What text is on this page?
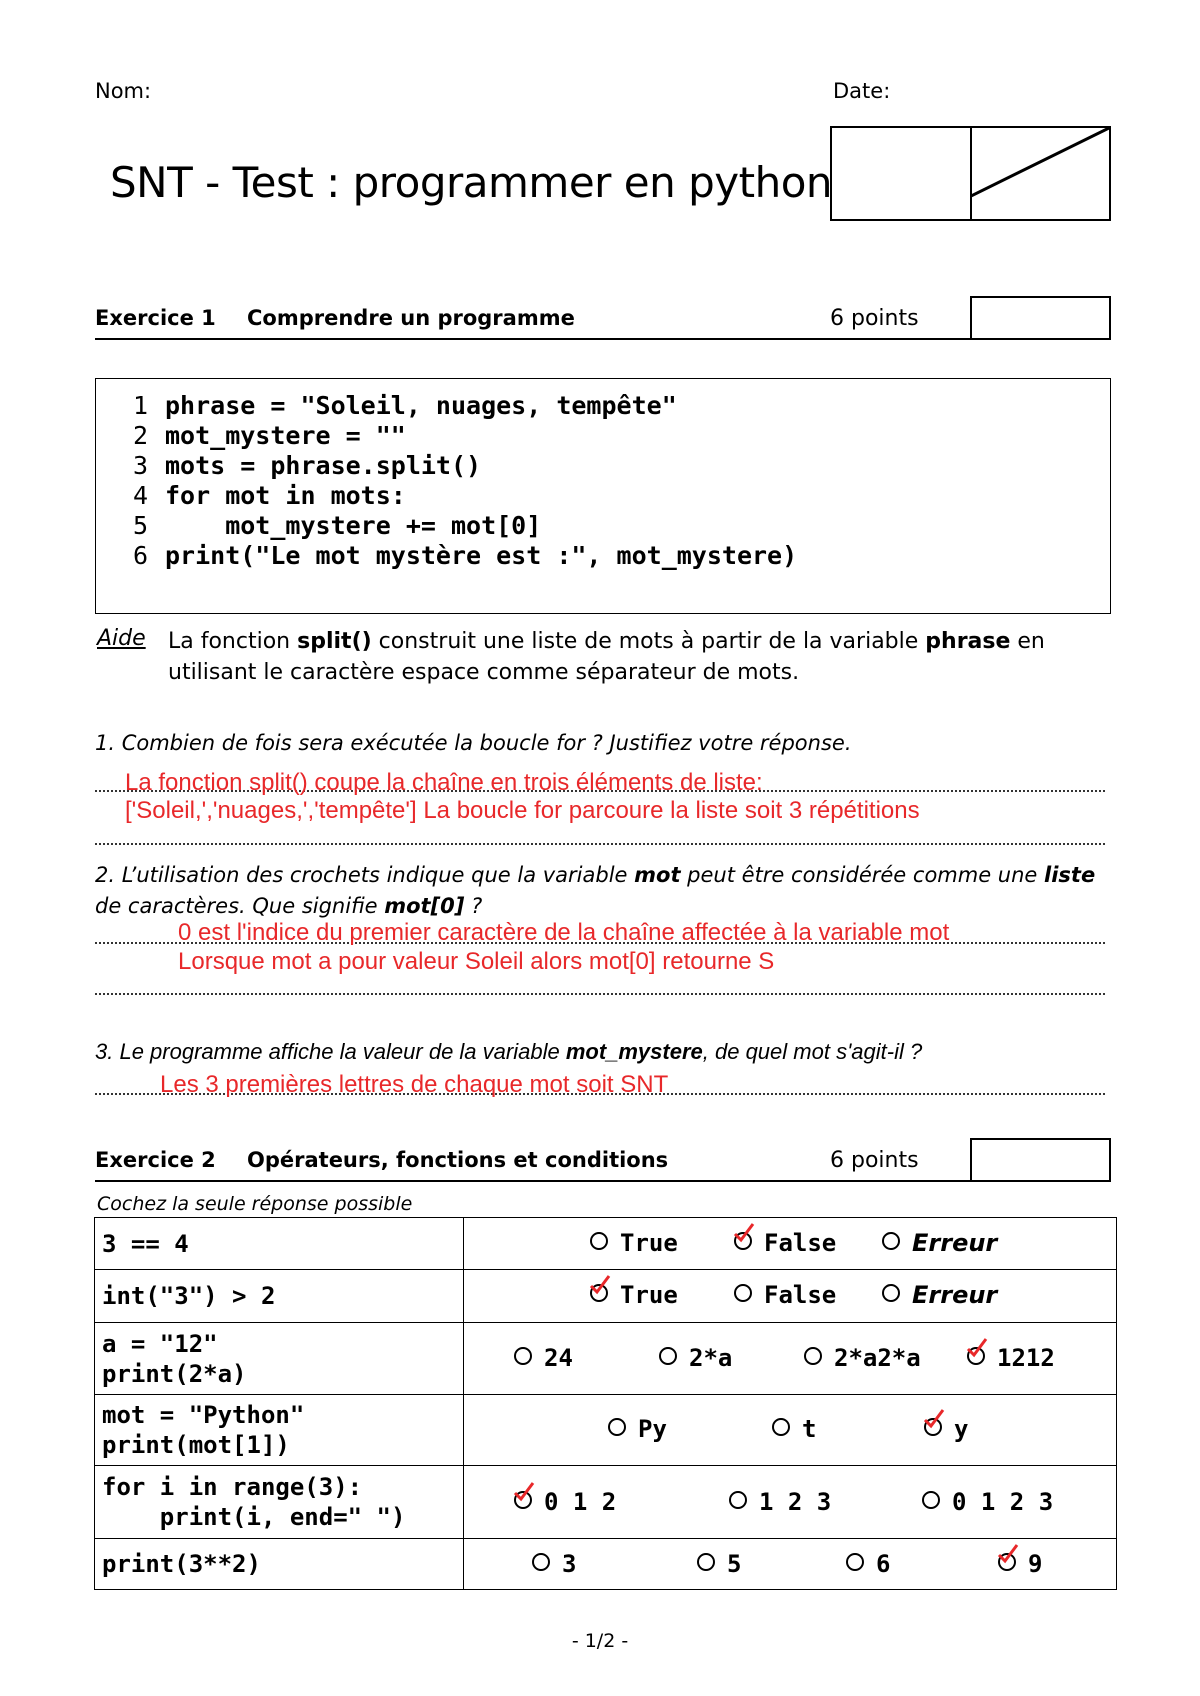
Nom:	Date:
SNT - Test : programmer en python
Exercice 1 Comprendre un programme	6 points
1 phrase = "Soleil, nuages, tempête"
2 mot_mystere = ""
3 mots = phrase.split()
4 for mot in mots:
5    mot_mystere += mot[0]
6 print("Le mot mystère est :", mot_mystere)
Aide La fonction split() construit une liste de mots à partir de la variable phrase en utilisant le caractère espace comme séparateur de mots.
1. Combien de fois sera exécutée la boucle for ? Justifiez votre réponse.
La fonction split() coupe la chaîne en trois éléments de liste:
['Soleil,','nuages,','tempête'] La boucle for parcoure la liste soit 3 répétitions
2. L’utilisation des crochets indique que la variable mot peut être considérée comme une liste de caractères. Que signifie mot[0] ?
0 est l'indice du premier caractère de la chaîne affectée à la variable mot
Lorsque mot a pour valeur Soleil alors mot[0] retourne S
3. Le programme affiche la valeur de la variable mot_mystere, de quel mot s'agit-il ?
Les 3 premières lettres de chaque mot soit SNT
Exercice 2 Opérateurs, fonctions et conditions	6 points
Cochez la seule réponse possible
3 == 4	True False Erreur

int("3") > 2	True False Erreur

a = "12"
print(2*a)	24 2*a 2*a2*a 1212

mot = "Python"
print(mot[1])	Py t y

for i in range(3):
print(i, end=" ")	0 1 2 1 2 3 0 1 2 3

print(3**2)	3 5 6 9
- 1/2 -
